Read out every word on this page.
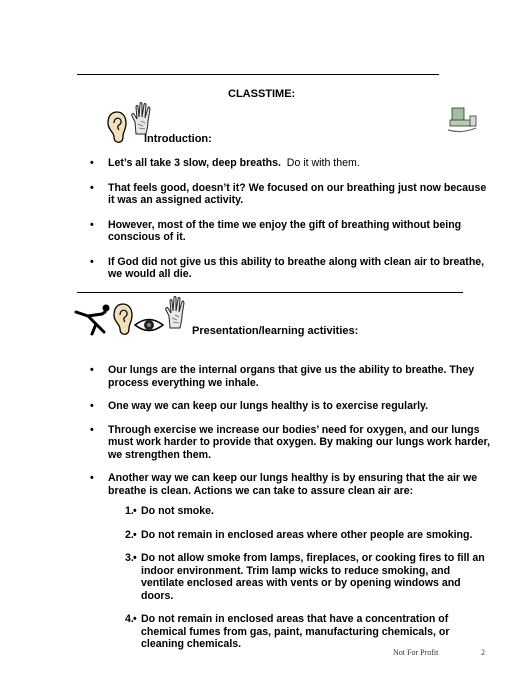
CLASSTIME:
Introduction:
• Let’s all take 3 slow, deep breaths. Do it with them.
• That feels good, doesn’t it? We focused on our breathing just now because it was an assigned activity.
• However, most of the time we enjoy the gift of breathing without being conscious of it.
• If God did not give us this ability to breathe along with clean air to breathe, we would all die.
Presentation/learning activities:
• Our lungs are the internal organs that give us the ability to breathe. They process everything we inhale.
• One way we can keep our lungs healthy is to exercise regularly.
• Through exercise we increase our bodies’ need for oxygen, and our lungs must work harder to provide that oxygen. By making our lungs work harder, we strengthen them.
• Another way we can keep our lungs healthy is by ensuring that the air we breathe is clean. Actions we can take to assure clean air are:
• 1. Do not smoke.
• 2. Do not remain in enclosed areas where other people are smoking.
• 3. Do not allow smoke from lamps, fireplaces, or cooking fires to fill an indoor environment. Trim lamp wicks to reduce smoking, and ventilate enclosed areas with vents or by opening windows and doors.
• 4. Do not remain in enclosed areas that have a concentration of chemical fumes from gas, paint, manufacturing chemicals, or cleaning chemicals.
Not For Profit	2
